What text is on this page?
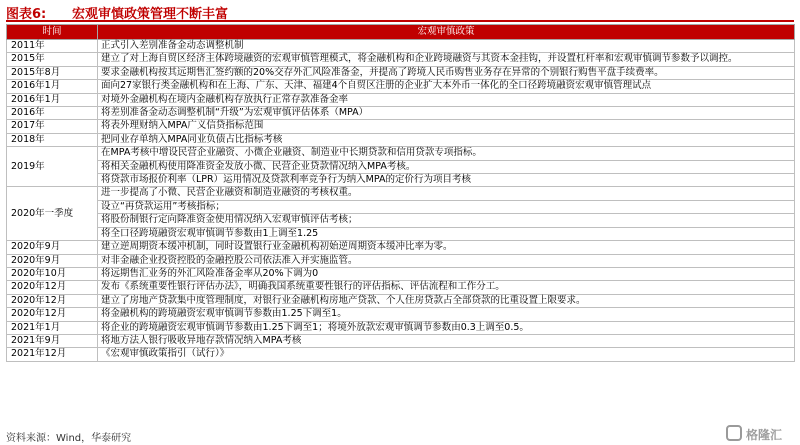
图表6: 宏观审慎政策管理不断丰富
时间	宏观审慎政策
2011年	正式引入差别准备金动态调整机制
2015年	建立了对上海自贸区经济主体跨境融资的宏观审慎管理模式，将金融机构和企业跨境融资与其资本金挂钩，并设置杠杆率和宏观审慎调节参数予以调控。
2015年8月	要求金融机构按其远期售汇签约额的20%交存外汇风险准备金，并提高了跨境人民币购售业务存在异常的个别银行购售平盘手续费率。
2016年1月	面向27家银行类金融机构和在上海、广东、天津、福建4个自贸区注册的企业扩大本外币一体化的全口径跨境融资宏观审慎管理试点
2016年1月	对境外金融机构在境内金融机构存放执行正常存款准备金率
2016年	将差别准备金动态调整机制“升级”为宏观审慎评估体系（MPA）
2017年	将表外理财纳入MPA广义信贷指标范围
2018年	把同业存单纳入MPA同业负债占比指标考核
2019年	在MPA考核中增设民营企业融资、小微企业融资、制造业中长期贷款和信用贷款专项指标。
	将相关金融机构使用降准资金发放小微、民营企业贷款情况纳入MPA考核。
	将贷款市场报价利率（LPR）运用情况及贷款利率竞争行为纳入MPA的定价行为项目考核
2020年一季度	进一步提高了小微、民营企业融资和制造业融资的考核权重。
	设立“再贷款运用”考核指标；
	将股份制银行定向降准资金使用情况纳入宏观审慎评估考核；
	将全口径跨境融资宏观审慎调节参数由1上调至1.25
2020年9月	建立逆周期资本缓冲机制，同时设置银行业金融机构初始逆周期资本缓冲比率为零。
2020年9月	对非金融企业投资控股的金融控股公司依法准入并实施监管。
2020年10月	将远期售汇业务的外汇风险准备金率从20%下调为0
2020年12月	发布《系统重要性银行评估办法》，明确我国系统重要性银行的评估指标、评估流程和工作分工。
2020年12月	建立了房地产贷款集中度管理制度，对银行业金融机构房地产贷款、个人住房贷款占全部贷款的比重设置上限要求。
2020年12月	将金融机构的跨境融资宏观审慎调节参数由1.25下调至1。
2021年1月	将企业的跨境融资宏观审慎调节参数由1.25下调至1；将境外放款宏观审慎调节参数由0.3上调至0.5。
2021年9月	将地方法人银行吸收异地存款情况纳入MPA考核
2021年12月	《宏观审慎政策指引（试行）》
资料来源：Wind，华泰研究	格隆汇
